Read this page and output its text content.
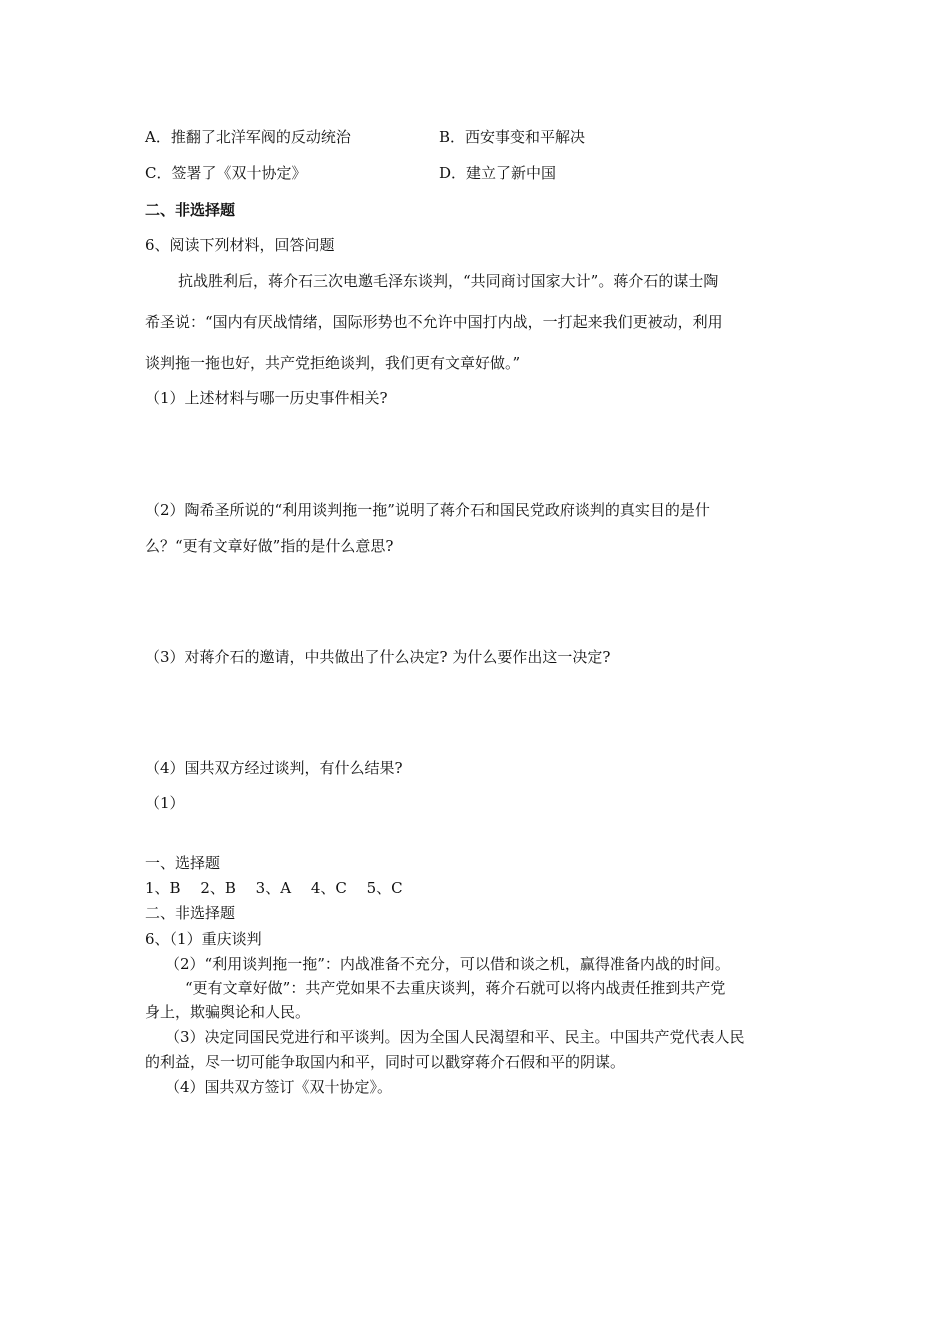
A．推翻了北洋军阀的反动统治	B．西安事变和平解决
C．签署了《双十协定》	D．建立了新中国
二、非选择题
6、阅读下列材料，回答问题
抗战胜利后，蒋介石三次电邀毛泽东谈判，“共同商讨国家大计”。蒋介石的谋士陶
希圣说：“国内有厌战情绪，国际形势也不允许中国打内战，一打起来我们更被动，利用
谈判拖一拖也好，共产党拒绝谈判，我们更有文章好做。”
（1）上述材料与哪一历史事件相关?
（2）陶希圣所说的“利用谈判拖一拖”说明了蒋介石和国民党政府谈判的真实目的是什
么？“更有文章好做”指的是什么意思?
（3）对蒋介石的邀请，中共做出了什么决定? 为什么要作出这一决定?
（4）国共双方经过谈判，有什么结果?
（1）
一、选择题
1、B　 2、B　 3、A　 4、C　 5、C
二、非选择题
6、（1）重庆谈判
（2）“利用谈判拖一拖”：内战准备不充分，可以借和谈之机，赢得准备内战的时间。
“更有文章好做”：共产党如果不去重庆谈判，蒋介石就可以将内战责任推到共产党
身上，欺骗舆论和人民。
（3）决定同国民党进行和平谈判。因为全国人民渴望和平、民主。中国共产党代表人民
的利益，尽一切可能争取国内和平，同时可以戳穿蒋介石假和平的阴谋。
（4）国共双方签订《双十协定》。
